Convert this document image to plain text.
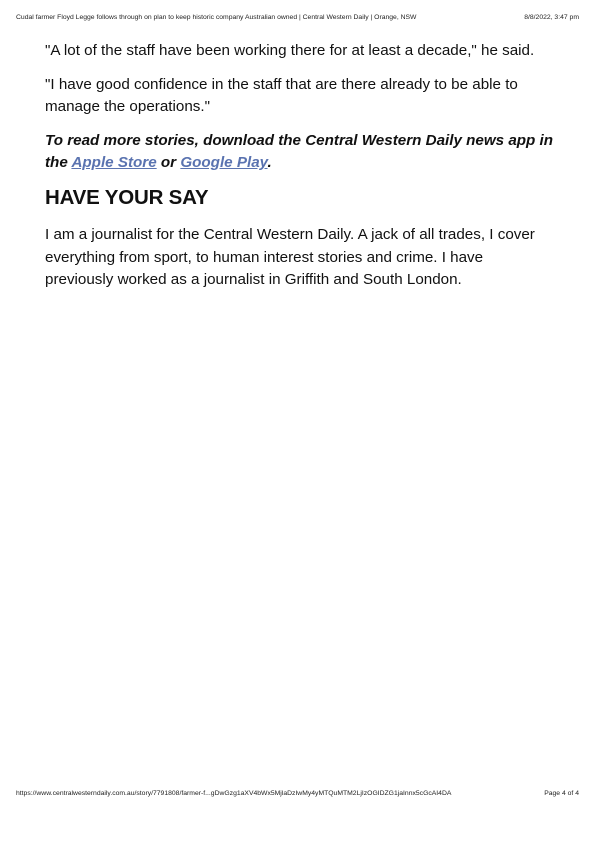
Cudal farmer Floyd Legge follows through on plan to keep historic company Australian owned | Central Western Daily | Orange, NSW	8/8/2022, 3:47 pm

"A lot of the staff have been working there for at least a decade," he said.

"I have good confidence in the staff that are there already to be able to manage the operations."

To read more stories, download the Central Western Daily news app in the Apple Store or Google Play.

HAVE YOUR SAY

I am a journalist for the Central Western Daily. A jack of all trades, I cover everything from sport, to human interest stories and crime. I have previously worked as a journalist in Griffith and South London.

https://www.centralwesterndaily.com.au/story/7791808/farmer-f...gDwGzg1aXV4bWx5MjlaDzIwMy4yMTQuMTM2LjIzOGIDZG1jaInnx5cGcAI4DA	Page 4 of 4
